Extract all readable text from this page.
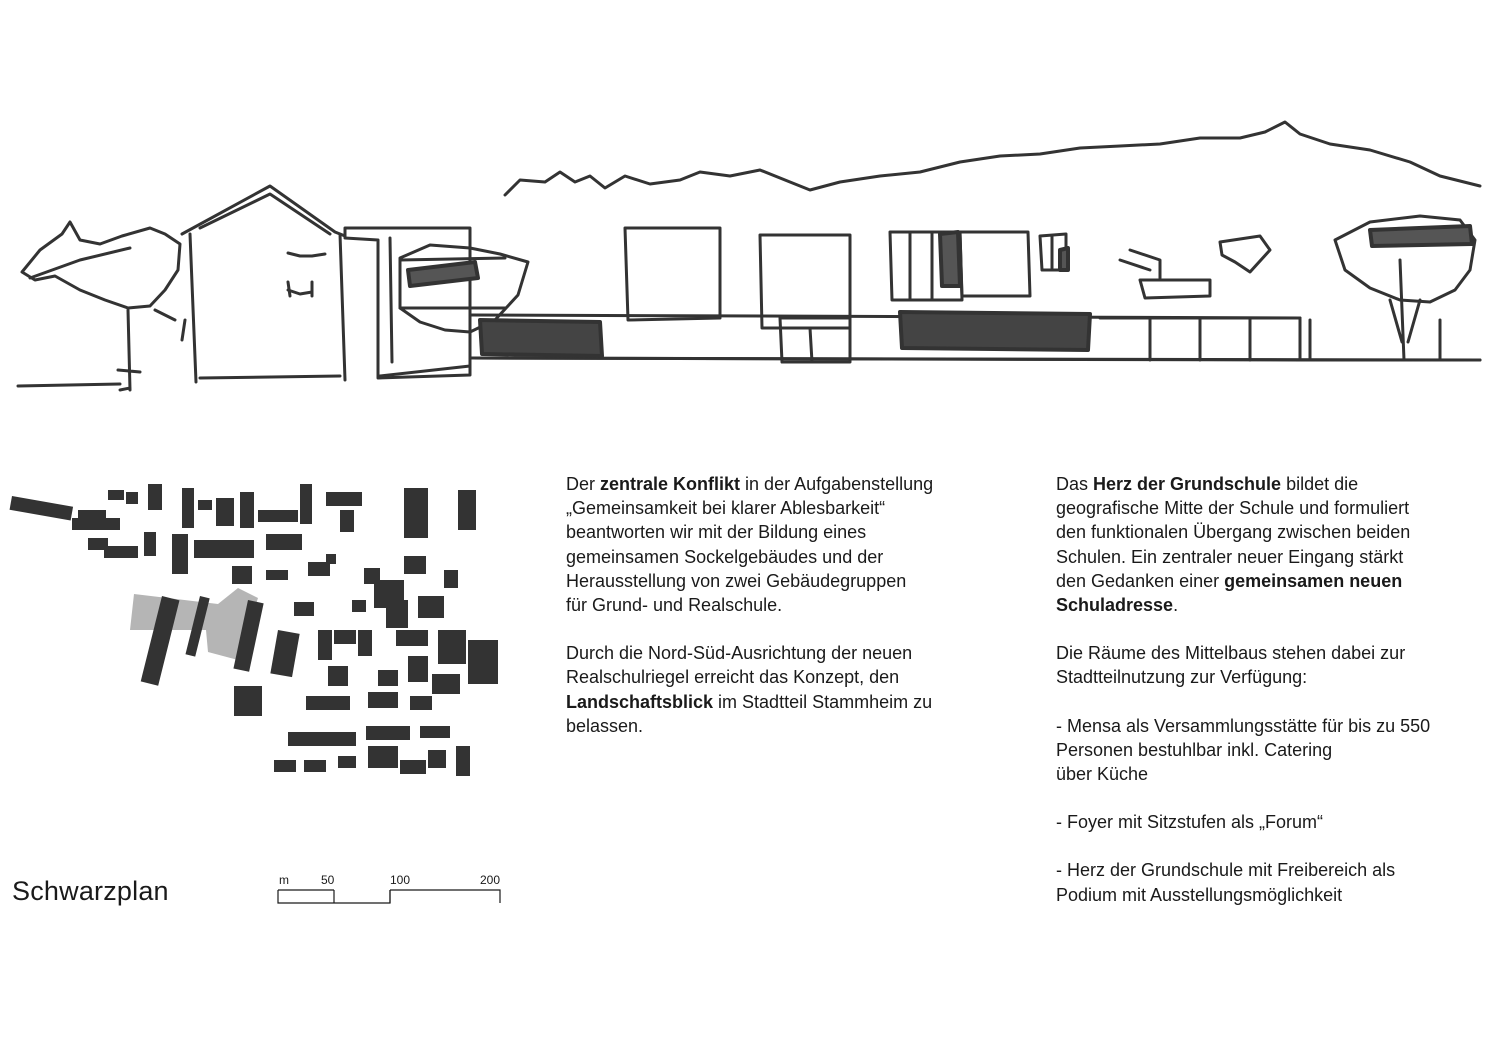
Schwarzplan	m	50	100	200

Der zentrale Konflikt in der Aufgabenstellung
„Gemeinsamkeit bei klarer Ablesbarkeit“
beantworten wir mit der Bildung eines
gemeinsamen Sockelgebäudes und der
Herausstellung von zwei Gebäudegruppen
für Grund- und Realschule.

Durch die Nord-Süd-Ausrichtung der neuen
Realschulriegel erreicht das Konzept, den
Landschaftsblick im Stadtteil Stammheim zu
belassen.

Das Herz der Grundschule bildet die
geografische Mitte der Schule und formuliert
den funktionalen Übergang zwischen beiden
Schulen. Ein zentraler neuer Eingang stärkt
den Gedanken einer gemeinsamen neuen
Schuladresse.

Die Räume des Mittelbaus stehen dabei zur
Stadtteilnutzung zur Verfügung:

- Mensa als Versammlungsstätte für bis zu 550
Personen bestuhlbar inkl. Catering
über Küche

- Foyer mit Sitzstufen als „Forum“

- Herz der Grundschule mit Freibereich als
Podium mit Ausstellungsmöglichkeit
